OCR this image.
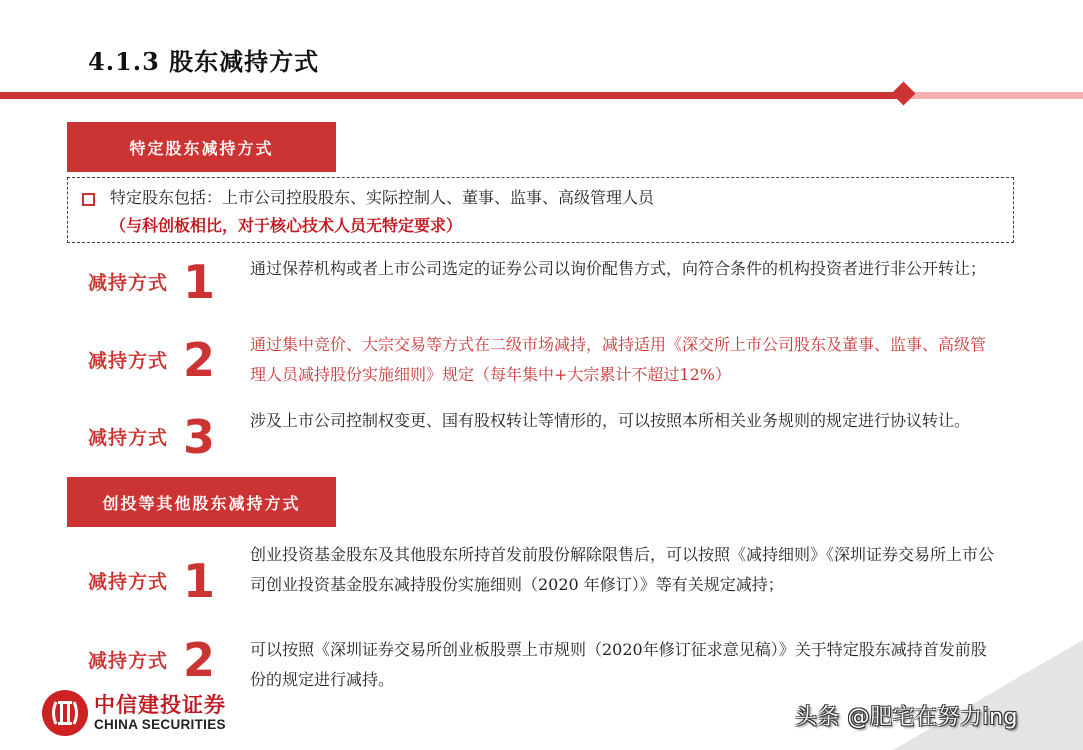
4.1.3 股东减持方式
特定股东减持方式
特定股东包括：上市公司控股股东、实际控制人、董事、监事、高级管理人员（与科创板相比，对于核心技术人员无特定要求）
减持方式 1	通过保荐机构或者上市公司选定的证券公司以询价配售方式，向符合条件的机构投资者进行非公开转让；
减持方式 2	通过集中竞价、大宗交易等方式在二级市场减持，减持适用《深交所上市公司股东及董事、监事、高级管理人员减持股份实施细则》规定（每年集中+大宗累计不超过12%）
减持方式 3	涉及上市公司控制权变更、国有股权转让等情形的，可以按照本所相关业务规则的规定进行协议转让。
创投等其他股东减持方式
减持方式 1	创业投资基金股东及其他股东所持首发前股份解除限售后，可以按照《减持细则》《深圳证券交易所上市公司创业投资基金股东减持股份实施细则（2020 年修订）》等有关规定减持；
减持方式 2	可以按照《深圳证券交易所创业板股票上市规则（2020年修订征求意见稿）》关于特定股东减持首发前股份的规定进行减持。
中信建投证券
CHINA SECURITIES	头条 @肥宅在努力ing
